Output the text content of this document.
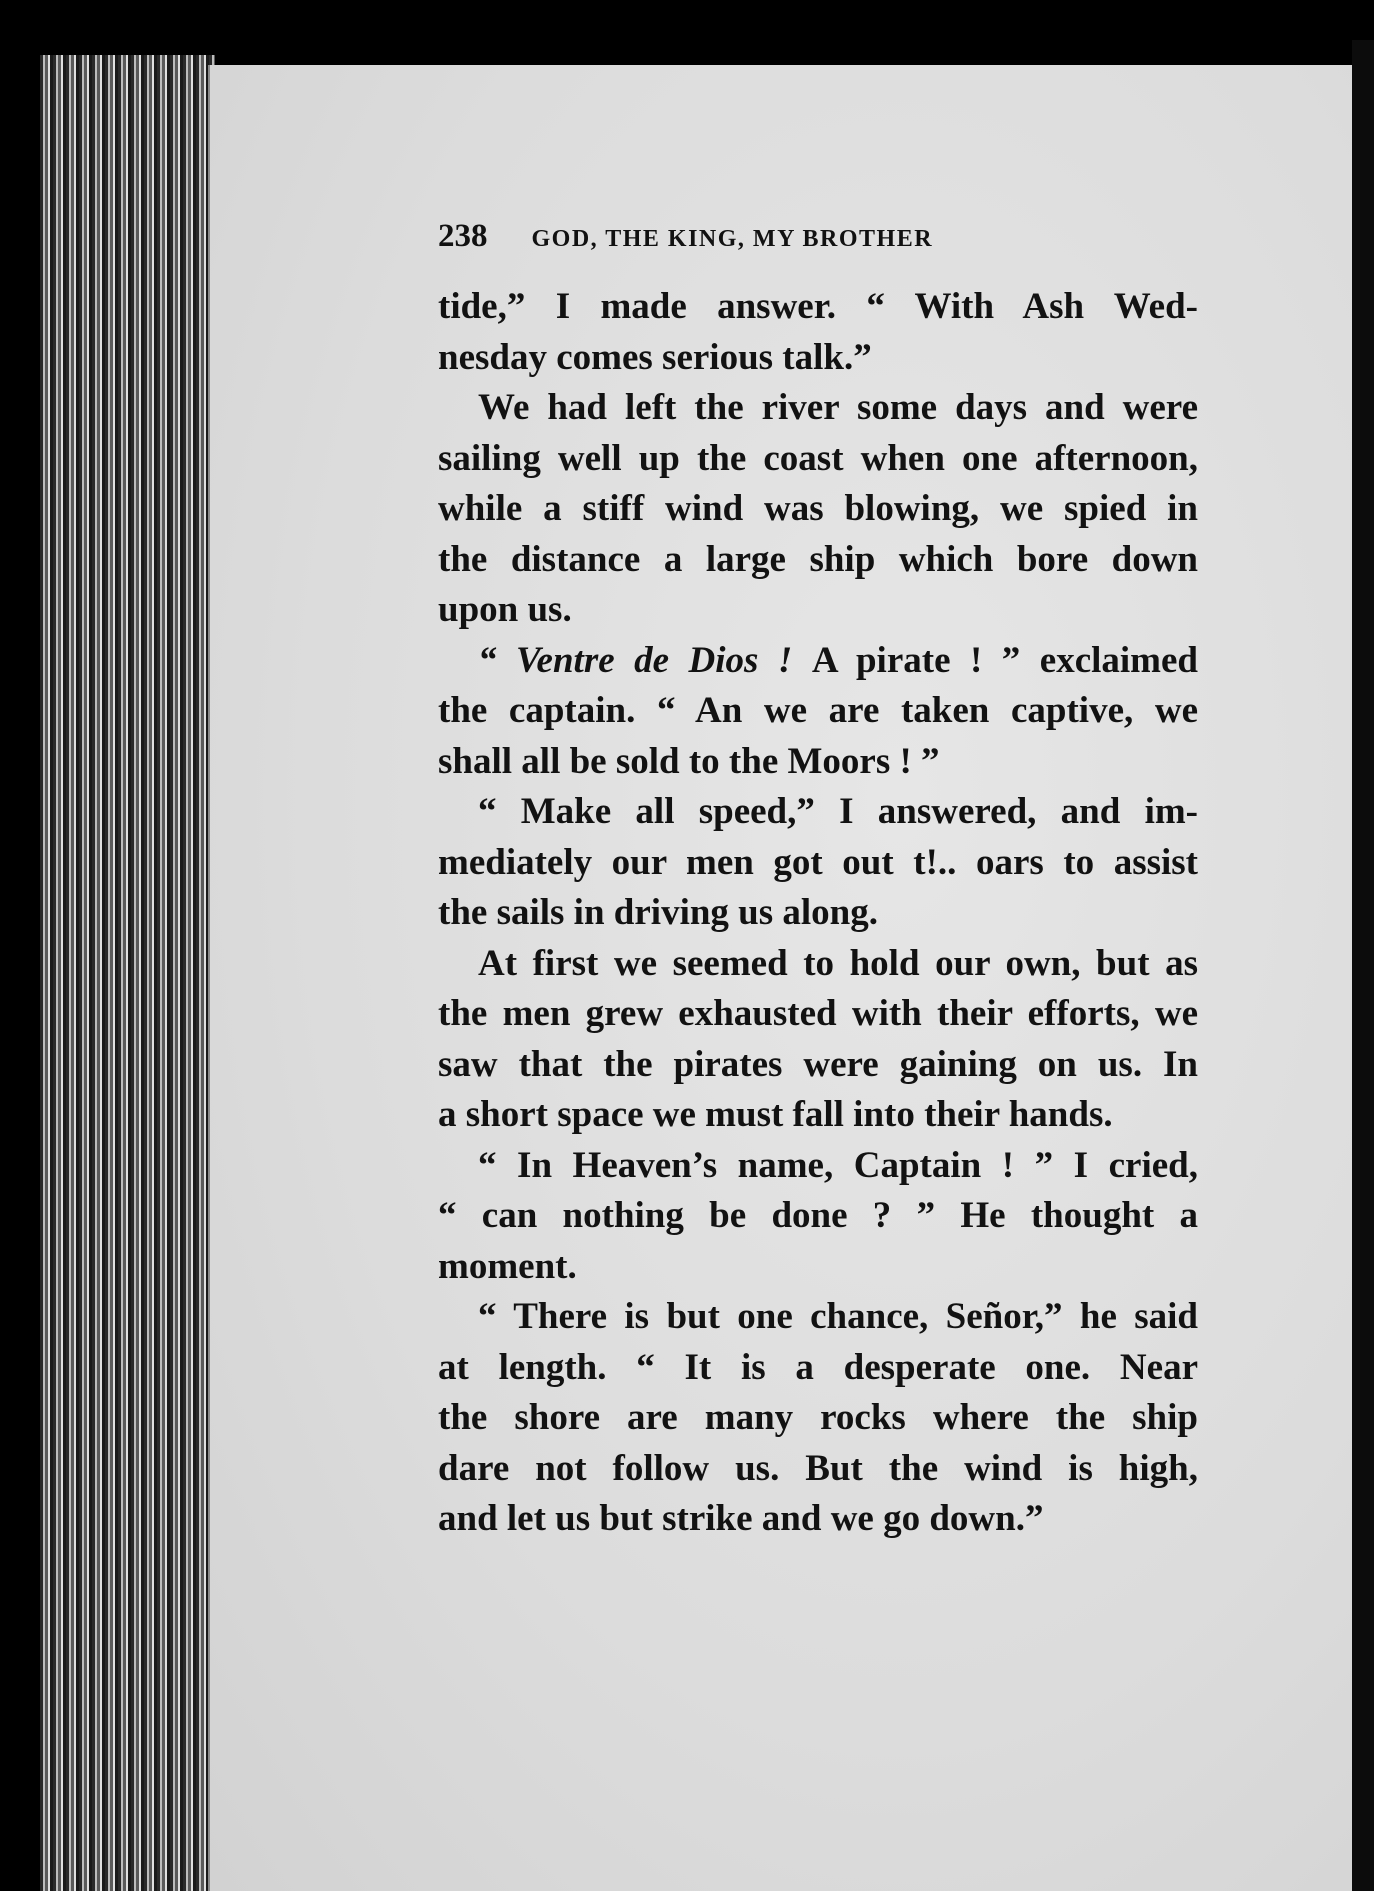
238 GOD, THE KING, MY BROTHER
tide,” I made answer. “ With Ash Wed-
nesday comes serious talk.”
We had left the river some days and were
sailing well up the coast when one afternoon,
while a stiff wind was blowing, we spied in
the distance a large ship which bore down
upon us.
“ Ventre de Dios ! A pirate ! ” exclaimed
the captain. “ An we are taken captive, we
shall all be sold to the Moors ! ”
“ Make all speed,” I answered, and im-
mediately our men got out t!.. oars to assist
the sails in driving us along.
At first we seemed to hold our own, but as
the men grew exhausted with their efforts, we
saw that the pirates were gaining on us. In
a short space we must fall into their hands.
“ In Heaven’s name, Captain ! ” I cried,
“ can nothing be done ? ” He thought a
moment.
“ There is but one chance, Señor,” he said
at length. “ It is a desperate one. Near
the shore are many rocks where the ship
dare not follow us. But the wind is high,
and let us but strike and we go down.”
